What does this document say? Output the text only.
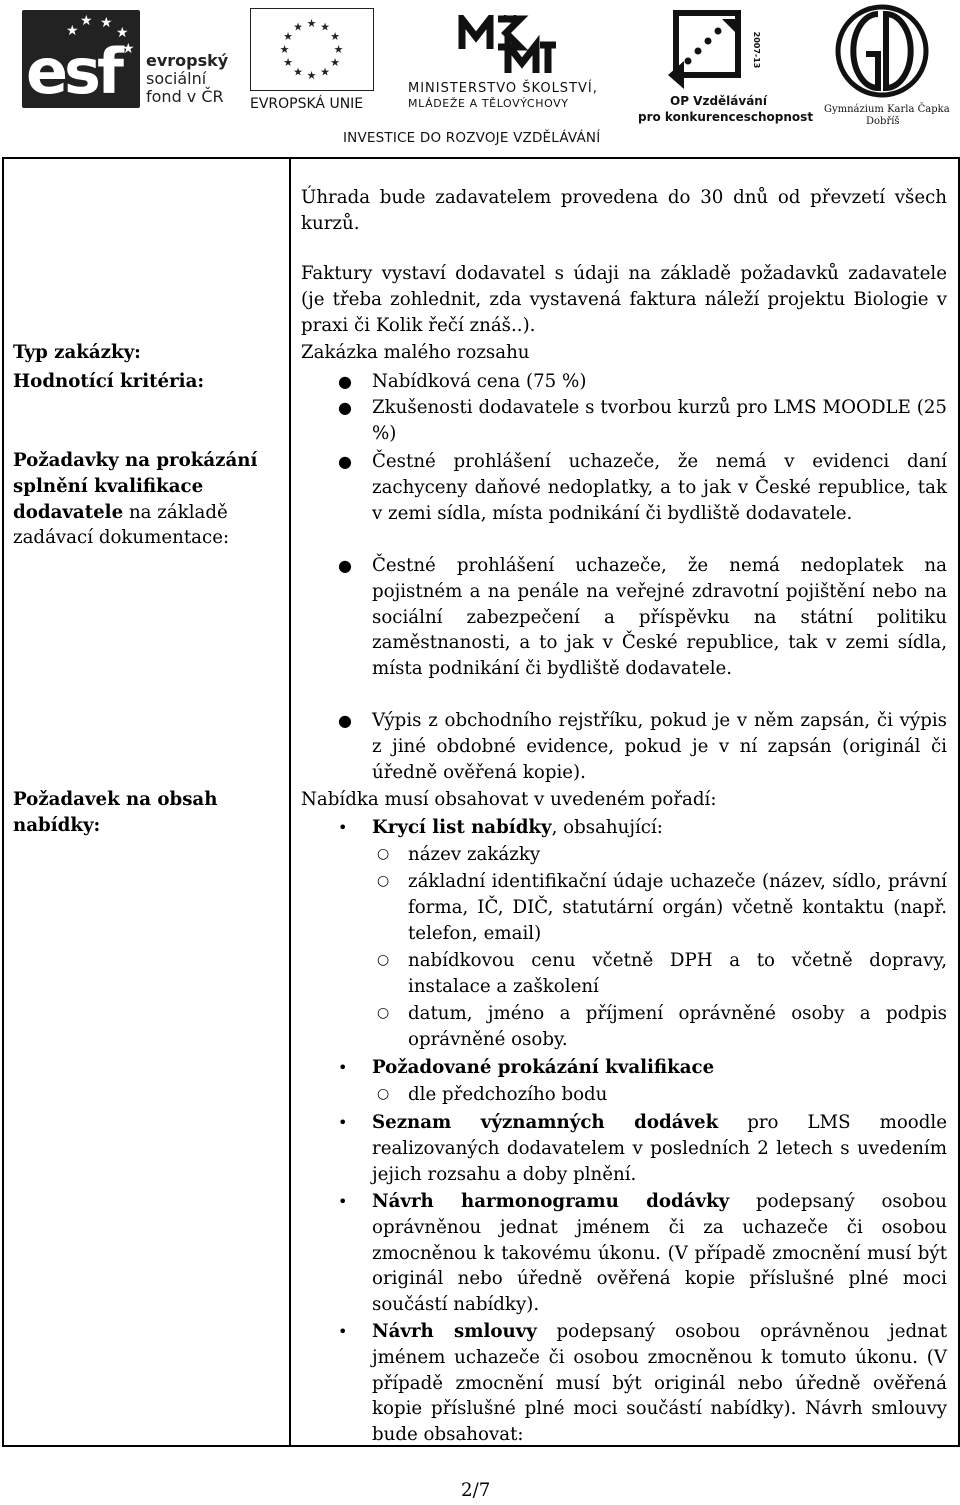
★ ★
★
★
★
esf evropský
sociální
fond v ČR
★ ★
★
★
★
★
★
★
★
★
★
★
EVROPSKÁ UNIE
MINISTERSTVO ŠKOLSTVÍ,
MLÁDEŽE A TĚLOVÝCHOVY
2007-13
OP Vzdělávání
pro konkurenceschopnost
Gymnázium Karla Čapka
Dobříš
INVESTICE DO ROZVOJE VZDĚLÁVÁNÍ
Úhrada bude zadavatelem provedena do 30 dnů od převzetí všech kurzů.
Faktury vystaví dodavatel s údaji na základě požadavků zadavatele (je třeba zohlednit, zda vystavená faktura náleží projektu Biologie v praxi či Kolik řečí znáš..).
Typ zakázky:	Zakázka malého rozsahu
Hodnotící kritéria:	● Nabídková cena (75 %)
● Zkušenosti dodavatele s tvorbou kurzů pro LMS MOODLE (25 %)
Požadavky na prokázání splnění kvalifikace dodavatele na základě zadávací dokumentace:
● Čestné prohlášení uchazeče, že nemá v evidenci daní zachyceny daňové nedoplatky, a to jak v České republice, tak v zemi sídla, místa podnikání či bydliště dodavatele.
● Čestné prohlášení uchazeče, že nemá nedoplatek na pojistném a na penále na veřejné zdravotní pojištění nebo na sociální zabezpečení a příspěvku na státní politiku zaměstnanosti, a to jak v České republice, tak v zemi sídla, místa podnikání či bydliště dodavatele.
● Výpis z obchodního rejstříku, pokud je v něm zapsán, či výpis z jiné obdobné evidence, pokud je v ní zapsán (originál či úředně ověřená kopie).
Požadavek na obsah nabídky:
Nabídka musí obsahovat v uvedeném pořadí:
• Krycí list nabídky, obsahující:
○ název zakázky
○ základní identifikační údaje uchazeče (název, sídlo, právní forma, IČ, DIČ, statutární orgán) včetně kontaktu (např. telefon, email)
○ nabídkovou cenu včetně DPH a to včetně dopravy, instalace a zaškolení
○ datum, jméno a příjmení oprávněné osoby a podpis oprávněné osoby.
• Požadované prokázání kvalifikace
○ dle předchozího bodu
• Seznam významných dodávek pro LMS moodle realizovaných dodavatelem v posledních 2 letech s uvedením jejich rozsahu a doby plnění.
• Návrh harmonogramu dodávky podepsaný osobou oprávněnou jednat jménem či za uchazeče či osobou zmocněnou k takovému úkonu. (V případě zmocnění musí být originál nebo úředně ověřená kopie příslušné plné moci součástí nabídky).
• Návrh smlouvy podepsaný osobou oprávněnou jednat jménem uchazeče či osobou zmocněnou k tomuto úkonu. (V případě zmocnění musí být originál nebo úředně ověřená kopie příslušné plné moci součástí nabídky). Návrh smlouvy bude obsahovat:
2/7
